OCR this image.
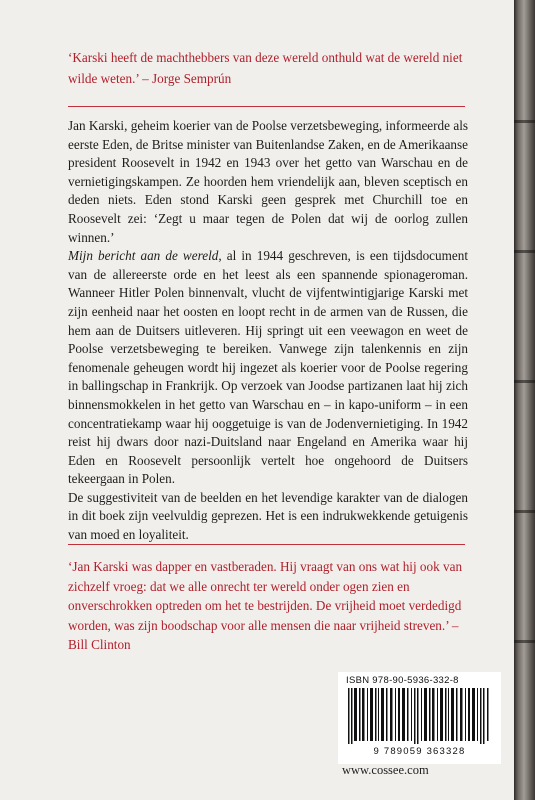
‘Karski heeft de machthebbers van deze wereld onthuld wat de wereld niet wilde weten.’ – Jorge Semprún

Jan Karski, geheim koerier van de Poolse verzetsbeweging, informeerde als eerste Eden, de Britse minister van Buitenlandse Zaken, en de Amerikaanse president Roosevelt in 1942 en 1943 over het getto van Warschau en de vernietigingskampen. Ze hoorden hem vriendelijk aan, bleven sceptisch en deden niets. Eden stond Karski geen gesprek met Churchill toe en Roosevelt zei: ‘Zegt u maar tegen de Polen dat wij de oorlog zullen winnen.’

Mijn bericht aan de wereld, al in 1944 geschreven, is een tijdsdocument van de allereerste orde en het leest als een spannende spionageroman. Wanneer Hitler Polen binnenvalt, vlucht de vijfentwintigjarige Karski met zijn eenheid naar het oosten en loopt recht in de armen van de Russen, die hem aan de Duitsers uitleveren. Hij springt uit een veewagon en weet de Poolse verzetsbeweging te bereiken. Vanwege zijn talenkennis en zijn fenomenale geheugen wordt hij ingezet als koerier voor de Poolse regering in ballingschap in Frankrijk. Op verzoek van Joodse partizanen laat hij zich binnensmokkelen in het getto van Warschau en – in kapo-uniform – in een concentratiekamp waar hij ooggetuige is van de Jodenvernietiging. In 1942 reist hij dwars door nazi-Duitsland naar Engeland en Amerika waar hij Eden en Roosevelt persoonlijk vertelt hoe ongehoord de Duitsers tekeergaan in Polen.

De suggestiviteit van de beelden en het levendige karakter van de dialogen in dit boek zijn veelvuldig geprezen. Het is een indrukwekkende getuigenis van moed en loyaliteit.

‘Jan Karski was dapper en vastberaden. Hij vraagt van ons wat hij ook van zichzelf vroeg: dat we alle onrecht ter wereld onder ogen zien en onverschrokken optreden om het te bestrijden. De vrijheid moet verdedigd worden, was zijn boodschap voor alle mensen die naar vrijheid streven.’ – Bill Clinton

ISBN 978-90-5936-332-8
9 789059 363328
www.cossee.com
